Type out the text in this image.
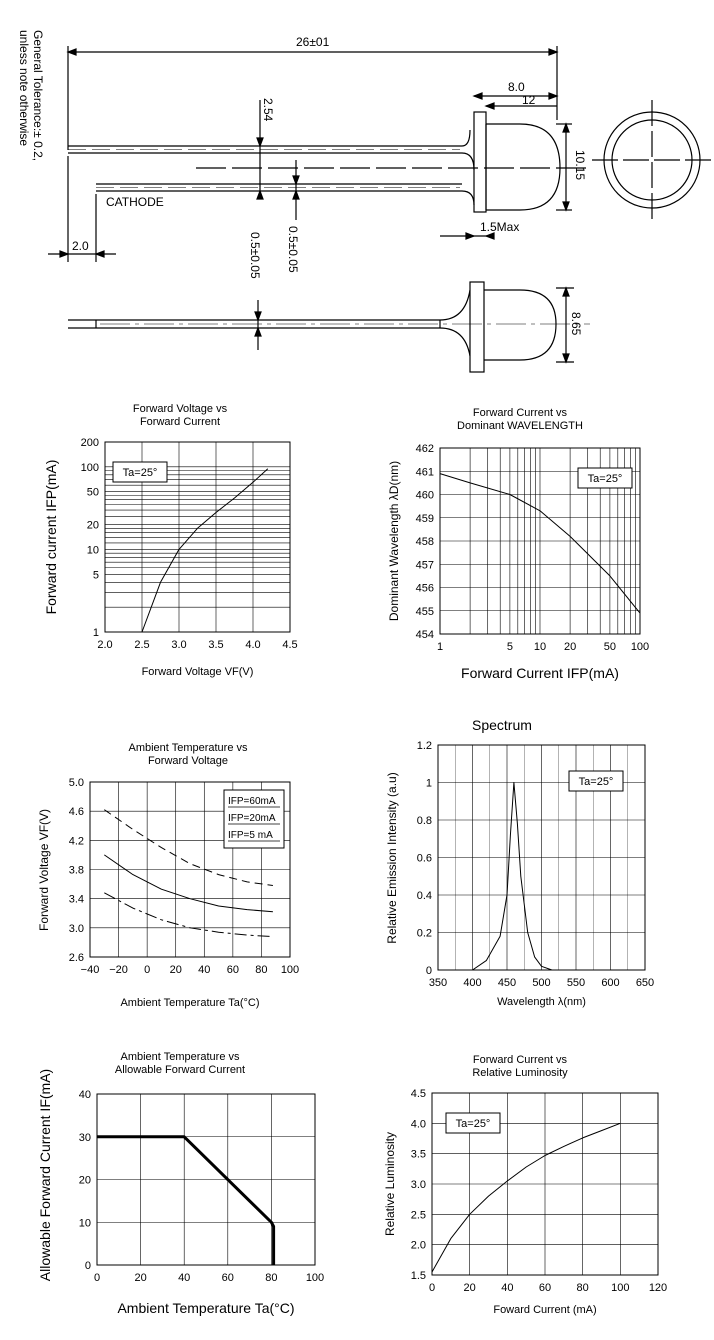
General Tolerance:± 0.2,
unless note otherwise	26±01
8.0
12
10.15
1.5Max
2.54
0.5±0.05
CATHODE
2.0	0.5±0.05
8.65
Forward Voltage vs
Forward Current
2.0 2.5 3.0 3.5 4.0 4.5
200
100
50
20
10
5
1
Forward Voltage VF(V)
Forward current IFP(mA)	Ta=25°
Forward Current vs
Dominant WAVELENGTH
1	5 10 20	50 100
462
461
460
459
458
457
456
455
454
Forward Current IFP(mA)
Dominant Wavelength λD(nm)	Ta=25°
Ambient Temperature vs
Forward Voltage
−40 −20 0 20 40 60 80 100
5.0
4.6
4.2
3.8
3.4
3.0
2.6
Ambient Temperature Ta(°C)
Forward Voltage VF(V)
IFP=60mA
IFP=20mA
IFP=5 mA
Spectrum
350 400 450 500 550 600 650
1.2
1
0.8
0.6
0.4
0.2
0
Wavelength λ(nm)
Relative Emission Intensity (a.u)	Ta=25°
Ambient Temperature vs
Allowable Forward Current
0	20	40	60	80	100
40
30
20
10
0
Ambient Temperature Ta(°C)
Allowable Forward Current IF(mA)
Forward Current vs
Relative Luminosity
0	20 40 60 80 100 120
4.5
4.0
3.5
3.0
2.5
2.0
1.5
Foward Current (mA)
Relative Luminosity
Ta=25°
